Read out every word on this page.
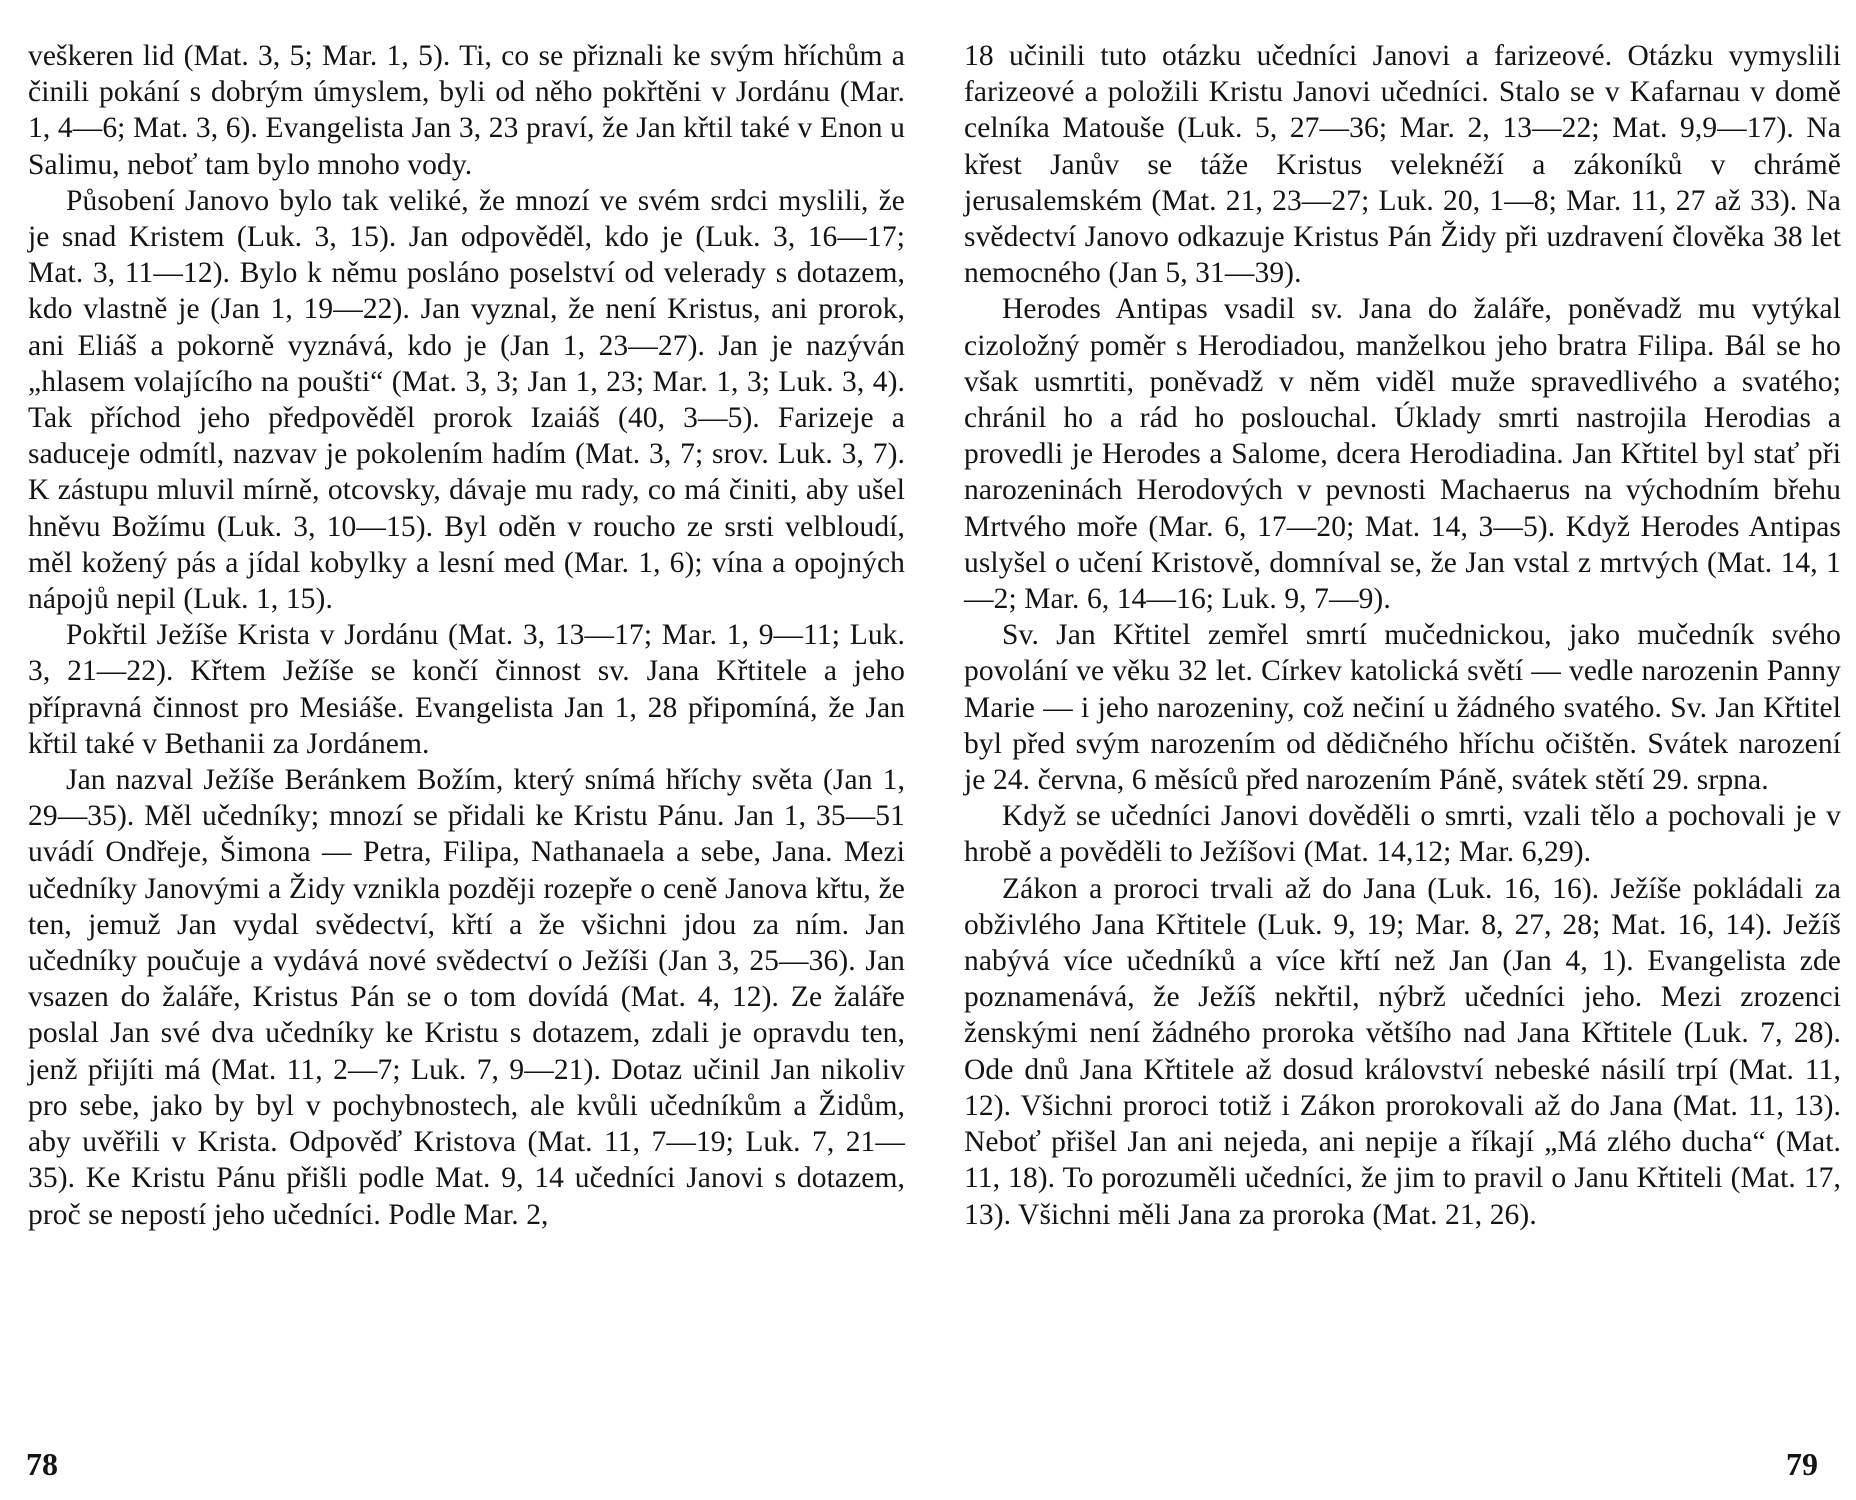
veškeren lid (Mat. 3, 5; Mar. 1, 5). Ti, co se přiznali ke svým hříchům a činili pokání s dobrým úmyslem, byli od něho pokřtěni v Jordánu (Mar. 1, 4—6; Mat. 3, 6). Evangelista Jan 3, 23 praví, že Jan křtil také v Enon u Salimu, neboť tam bylo mnoho vody.

Působení Janovo bylo tak veliké, že mnozí ve svém srdci myslili, že je snad Kristem (Luk. 3, 15). Jan odpověděl, kdo je (Luk. 3, 16—17; Mat. 3, 11—12). Bylo k němu posláno poselství od velerady s dotazem, kdo vlastně je (Jan 1, 19—22). Jan vyznal, že není Kristus, ani prorok, ani Eliáš a pokorně vyznává, kdo je (Jan 1, 23—27). Jan je nazýván „hlasem volajícího na poušti“ (Mat. 3, 3; Jan 1, 23; Mar. 1, 3; Luk. 3, 4). Tak příchod jeho předpověděl prorok Izaiáš (40, 3—5). Farizeje a saduceje odmítl, nazvav je pokolením hadím (Mat. 3, 7; srov. Luk. 3, 7). K zástupu mluvil mírně, otcovsky, dávaje mu rady, co má činiti, aby ušel hněvu Božímu (Luk. 3, 10—15). Byl oděn v roucho ze srsti velbloudí, měl kožený pás a jídal kobylky a lesní med (Mar. 1, 6); vína a opojných nápojů nepil (Luk. 1, 15).

Pokřtil Ježíše Krista v Jordánu (Mat. 3, 13—17; Mar. 1, 9—11; Luk. 3, 21—22). Křtem Ježíše se končí činnost sv. Jana Křtitele a jeho přípravná činnost pro Mesiáše. Evangelista Jan 1, 28 připomíná, že Jan křtil také v Bethanii za Jordánem.

Jan nazval Ježíše Beránkem Božím, který snímá hříchy světa (Jan 1, 29—35). Měl učedníky; mnozí se přidali ke Kristu Pánu. Jan 1, 35—51 uvádí Ondřeje, Šimona — Petra, Filipa, Nathanaela a sebe, Jana. Mezi učedníky Janovými a Židy vznikla později rozepře o ceně Janova křtu, že ten, jemuž Jan vydal svědectví, křtí a že všichni jdou za ním. Jan učedníky poučuje a vydává nové svědectví o Ježíši (Jan 3, 25—36). Jan vsazen do žaláře, Kristus Pán se o tom dovídá (Mat. 4, 12). Ze žaláře poslal Jan své dva učedníky ke Kristu s dotazem, zdali je opravdu ten, jenž přijíti má (Mat. 11, 2—7; Luk. 7, 9—21). Dotaz učinil Jan nikoliv pro sebe, jako by byl v pochybnostech, ale kvůli učedníkům a Židům, aby uvěřili v Krista. Odpověď Kristova (Mat. 11, 7—19; Luk. 7, 21—35). Ke Kristu Pánu přišli podle Mat. 9, 14 učedníci Janovi s dotazem, proč se nepostí jeho učedníci. Podle Mar. 2,

18 učinili tuto otázku učedníci Janovi a farizeové. Otázku vymyslili farizeové a položili Kristu Janovi učedníci. Stalo se v Kafarnau v domě celníka Matouše (Luk. 5, 27—36; Mar. 2, 13—22; Mat. 9,9—17). Na křest Janův se táže Kristus veleknéží a zákoníků v chrámě jerusalemském (Mat. 21, 23—27; Luk. 20, 1—8; Mar. 11, 27 až 33). Na svědectví Janovo odkazuje Kristus Pán Židy při uzdravení člověka 38 let nemocného (Jan 5, 31—39).

Herodes Antipas vsadil sv. Jana do žaláře, poněvadž mu vytýkal cizoložný poměr s Herodiadou, manželkou jeho bratra Filipa. Bál se ho však usmrtiti, poněvadž v něm viděl muže spravedlivého a svatého; chránil ho a rád ho poslouchal. Úklady smrti nastrojila Herodias a provedli je Herodes a Salome, dcera Herodiadina. Jan Křtitel byl stať při narozeninách Herodových v pevnosti Machaerus na východním břehu Mrtvého moře (Mar. 6, 17—20; Mat. 14, 3—5). Když Herodes Antipas uslyšel o učení Kristově, domníval se, že Jan vstal z mrtvých (Mat. 14, 1—2; Mar. 6, 14—16; Luk. 9, 7—9).

Sv. Jan Křtitel zemřel smrtí mučednickou, jako mučedník svého povolání ve věku 32 let. Církev katolická světí — vedle narozenin Panny Marie — i jeho narozeniny, což nečiní u žádného svatého. Sv. Jan Křtitel byl před svým narozením od dědičného hříchu očištěn. Svátek narození je 24. června, 6 měsíců před narozením Páně, svátek stětí 29. srpna.

Když se učedníci Janovi dověděli o smrti, vzali tělo a pochovali je v hrobě a pověděli to Ježíšovi (Mat. 14,12; Mar. 6,29).

Zákon a proroci trvali až do Jana (Luk. 16, 16). Ježíše pokládali za obživlého Jana Křtitele (Luk. 9, 19; Mar. 8, 27, 28; Mat. 16, 14). Ježíš nabývá více učedníků a více křtí než Jan (Jan 4, 1). Evangelista zde poznamenává, že Ježíš nekřtil, nýbrž učedníci jeho. Mezi zrozenci ženskými není žádného proroka většího nad Jana Křtitele (Luk. 7, 28). Ode dnů Jana Křtitele až dosud království nebeské násilí trpí (Mat. 11, 12). Všichni proroci totiž i Zákon prorokovali až do Jana (Mat. 11, 13). Neboť přišel Jan ani nejeda, ani nepije a říkají „Má zlého ducha“ (Mat. 11, 18). To porozuměli učedníci, že jim to pravil o Janu Křtiteli (Mat. 17, 13). Všichni měli Jana za proroka (Mat. 21, 26).

78	79
